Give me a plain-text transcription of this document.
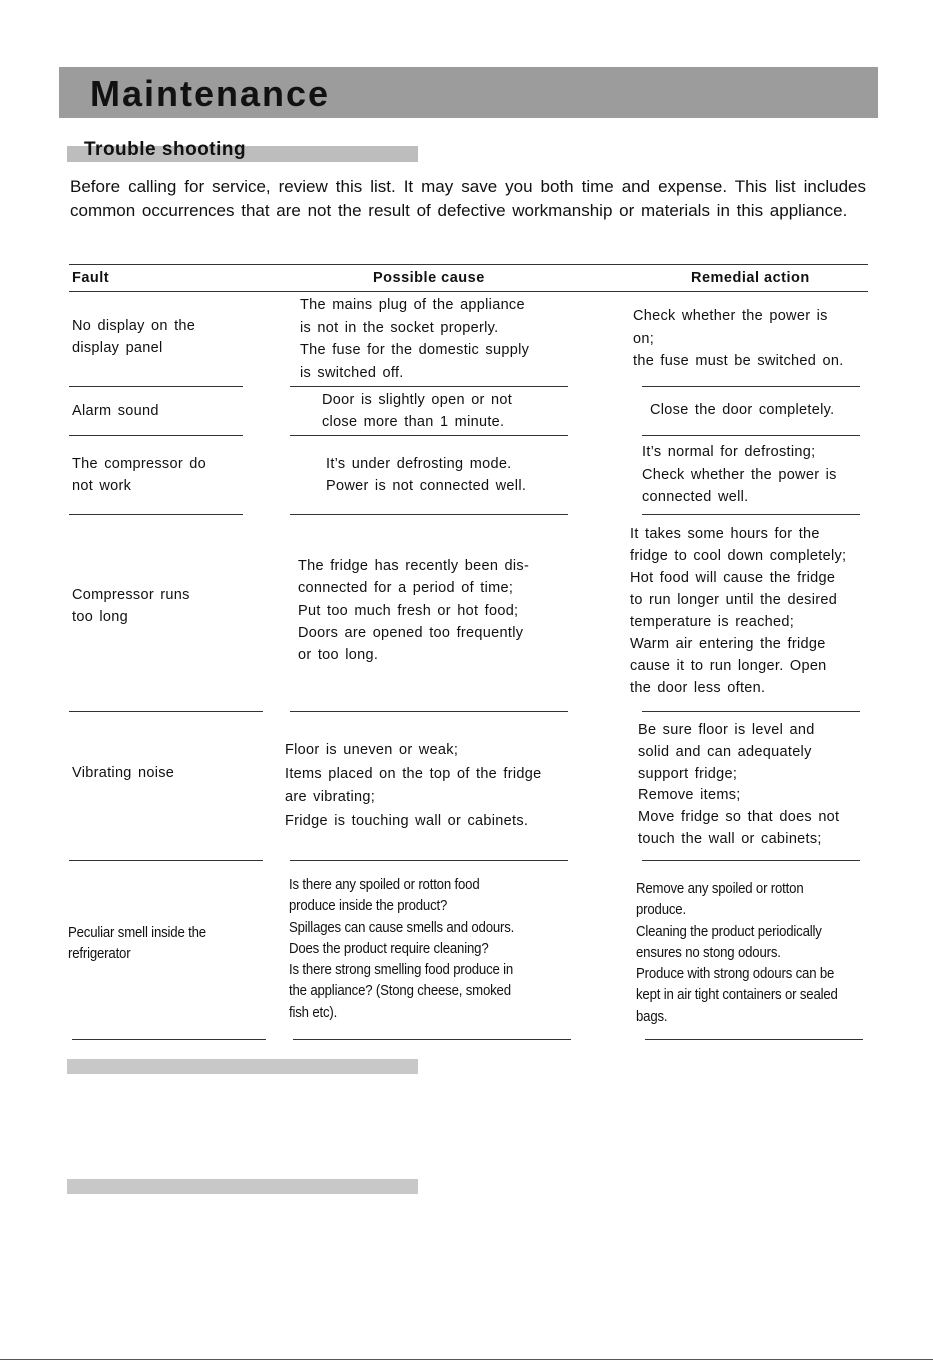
Maintenance
Trouble shooting
Before calling for service, review this list. It may save you both time and expense. This list includes common occurrences that are not the result of defective workmanship or materials in this appliance.
Fault	Possible cause	Remedial action
No display on the
display panel
The mains plug of the appliance
is not in the socket properly.
The fuse for the domestic supply
is switched off.
Check whether the power is
on;
the fuse must be switched on.
Alarm sound
Door is slightly open or not
close more than 1 minute.
Close the door completely.
The compressor do
not work
It’s under defrosting mode.
Power is not connected well.
It’s normal for defrosting;
Check whether the power is
connected well.
Compressor runs
too long
The fridge has recently been dis-
connected for a period of time;
Put too much fresh or hot food;
Doors are opened too frequently
or too long.
It takes some hours for the
fridge to cool down completely;
Hot food will cause the fridge
to run longer until the desired
temperature is reached;
Warm air entering the fridge
cause it to run longer. Open
the door less often.
Vibrating noise
Floor is uneven or weak;
Items placed on the top of the fridge
are vibrating;
Fridge is touching wall or cabinets.
Be sure floor is level and
solid and can adequately
support fridge;
Remove items;
Move fridge so that does not
touch the wall or cabinets;
Peculiar smell inside the
refrigerator
Is there any spoiled or rotton food
produce inside the product?
Spillages can cause smells and odours.
Does the product require cleaning?
Is there strong smelling food produce in
the appliance? (Stong cheese, smoked
fish etc).
Remove any spoiled or rotton
produce.
Cleaning the product periodically
ensures no stong odours.
Produce with strong odours can be
kept in air tight containers or sealed
bags.
